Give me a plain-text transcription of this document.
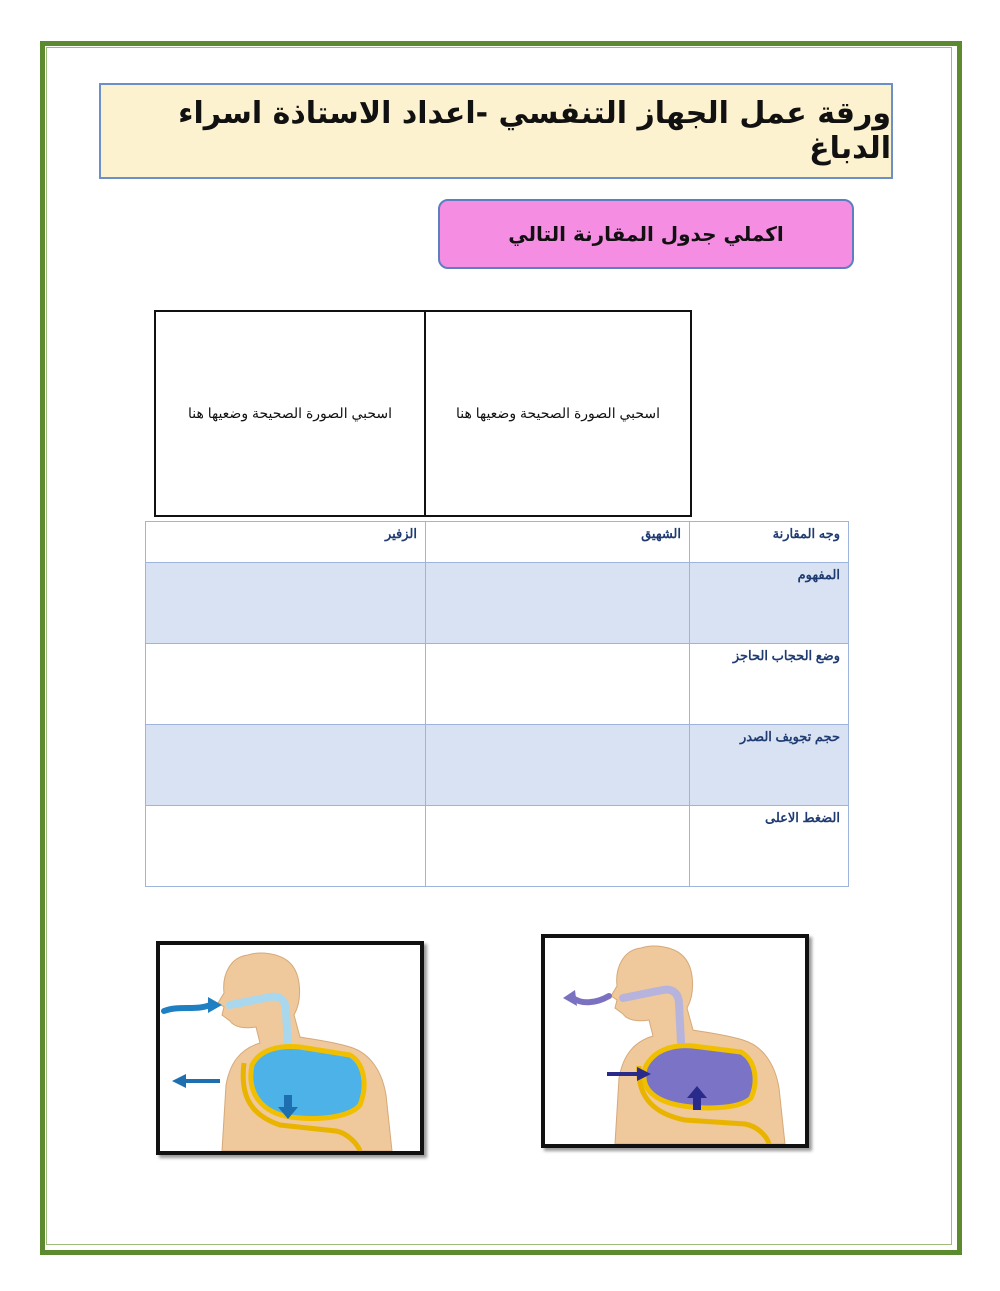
ورقة عمل الجهاز التنفسي -اعداد الاستاذة اسراء الدباغ
اكملي جدول المقارنة التالي
اسحبي الصورة الصحيحة وضعيها هنا	اسحبي الصورة الصحيحة وضعيها هنا
وجه المقارنة	الشهيق	الزفير
المفهوم		
وضع الحجاب الحاجز		
حجم تجويف الصدر		
الضغط الاعلى		
